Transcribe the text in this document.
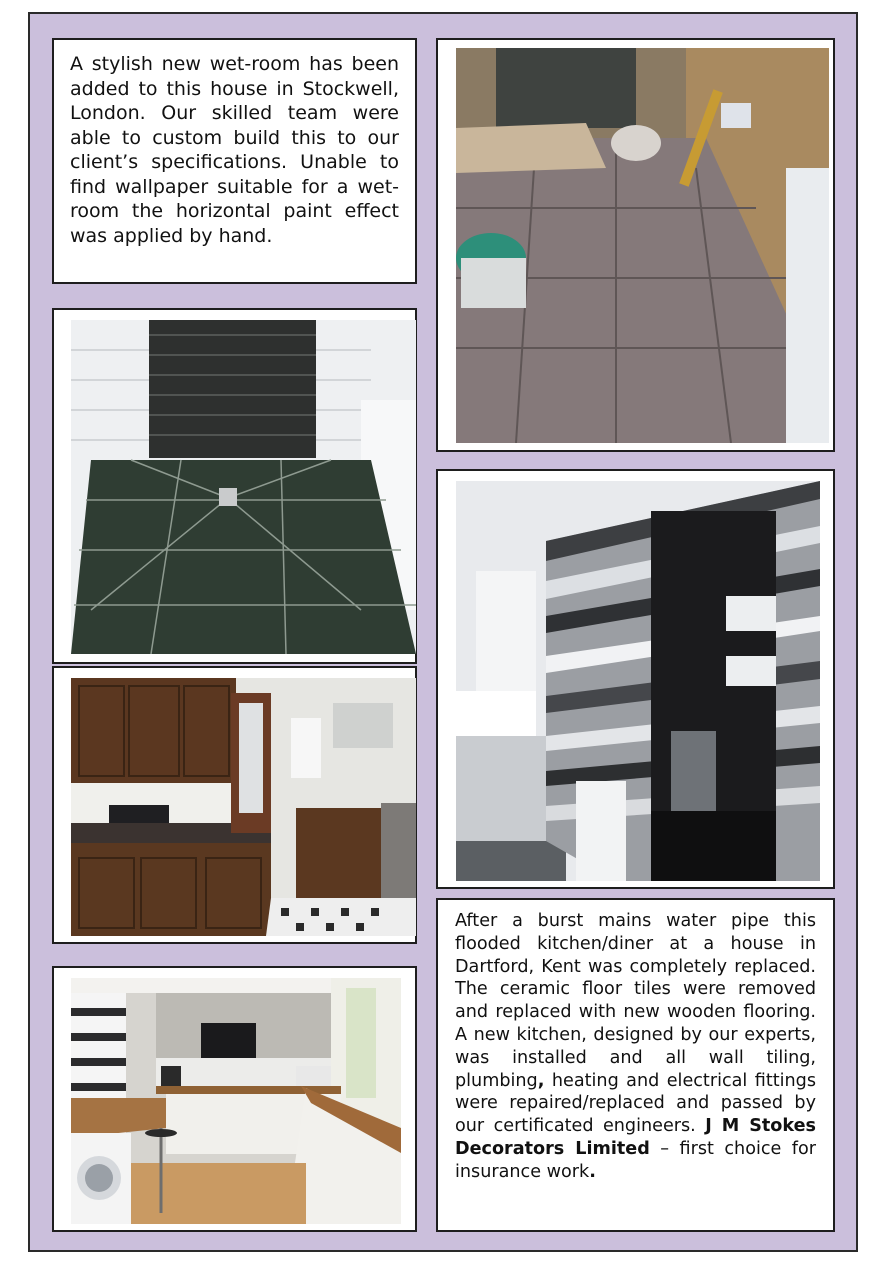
A stylish new wet-room has been added to this house in Stockwell, London. Our skilled team were able to custom build this to our client’s specifications. Unable to find wallpaper suitable for a wet-room the horizontal paint effect was applied by hand.
After a burst mains water pipe this flooded kitchen/diner at a house in Dartford, Kent was completely replaced. The ceramic floor tiles were removed and replaced with new wooden flooring. A new kitchen, designed by our experts, was installed and all wall tiling, plumbing, heating and electrical fittings were repaired/replaced and passed by our certificated engineers. J M Stokes Decorators Limited – first choice for insurance work.
